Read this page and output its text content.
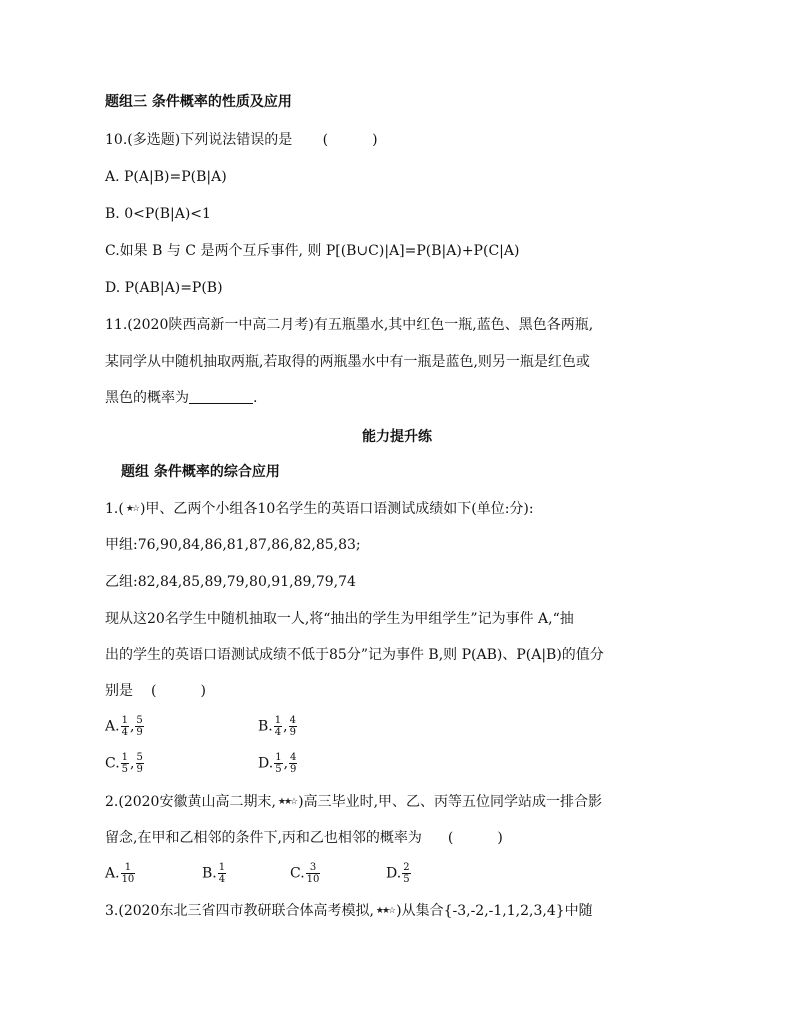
题组三 条件概率的性质及应用
10.(多选题)下列说法错误的是 (	)
A. P(A|B)=P(B|A)
B. 0<P(B|A)<1
C.如果 B 与 C 是两个互斥事件, 则 P[(B∪C)|A]=P(B|A)+P(C|A)
D. P(AB|A)=P(B)
11.(2020陕西高新一中高二月考)有五瓶墨水,其中红色一瓶,蓝色、黑色各两瓶,
某同学从中随机抽取两瓶,若取得的两瓶墨水中有一瓶是蓝色,则另一瓶是红色或
黑色的概率为	.
能力提升练
题组 条件概率的综合应用
1.( ★☆ )甲、乙两个小组各10名学生的英语口语测试成绩如下(单位:分):
甲组:76,90,84,86,81,87,86,82,85,83;
乙组:82,84,85,89,79,80,91,89,79,74
现从这20名学生中随机抽取一人,将“抽出的学生为甲组学生”记为事件 A,“抽
出的学生的英语口语测试成绩不低于85分”记为事件 B,则 P(AB)、P(A|B)的值分
别是 (	)
A. $\frac{1}{4}$ , $\frac{5}{9}$	B. $\frac{1}{4}$ , $\frac{4}{9}$
C. $\frac{1}{5}$ , $\frac{5}{9}$	D. $\frac{1}{5}$ , $\frac{4}{9}$
2.(2020安徽黄山高二期末, ★★☆ )高三毕业时,甲、乙、丙等五位同学站成一排合影
留念,在甲和乙相邻的条件下,丙和乙也相邻的概率为 (	)
A. $\frac{1}{10}$	B. $\frac{1}{4}$	C. $\frac{3}{10}$	D. $\frac{2}{5}$
3.(2020东北三省四市教研联合体高考模拟, ★★☆ )从集合{-3,-2,-1,1,2,3,4}中随
